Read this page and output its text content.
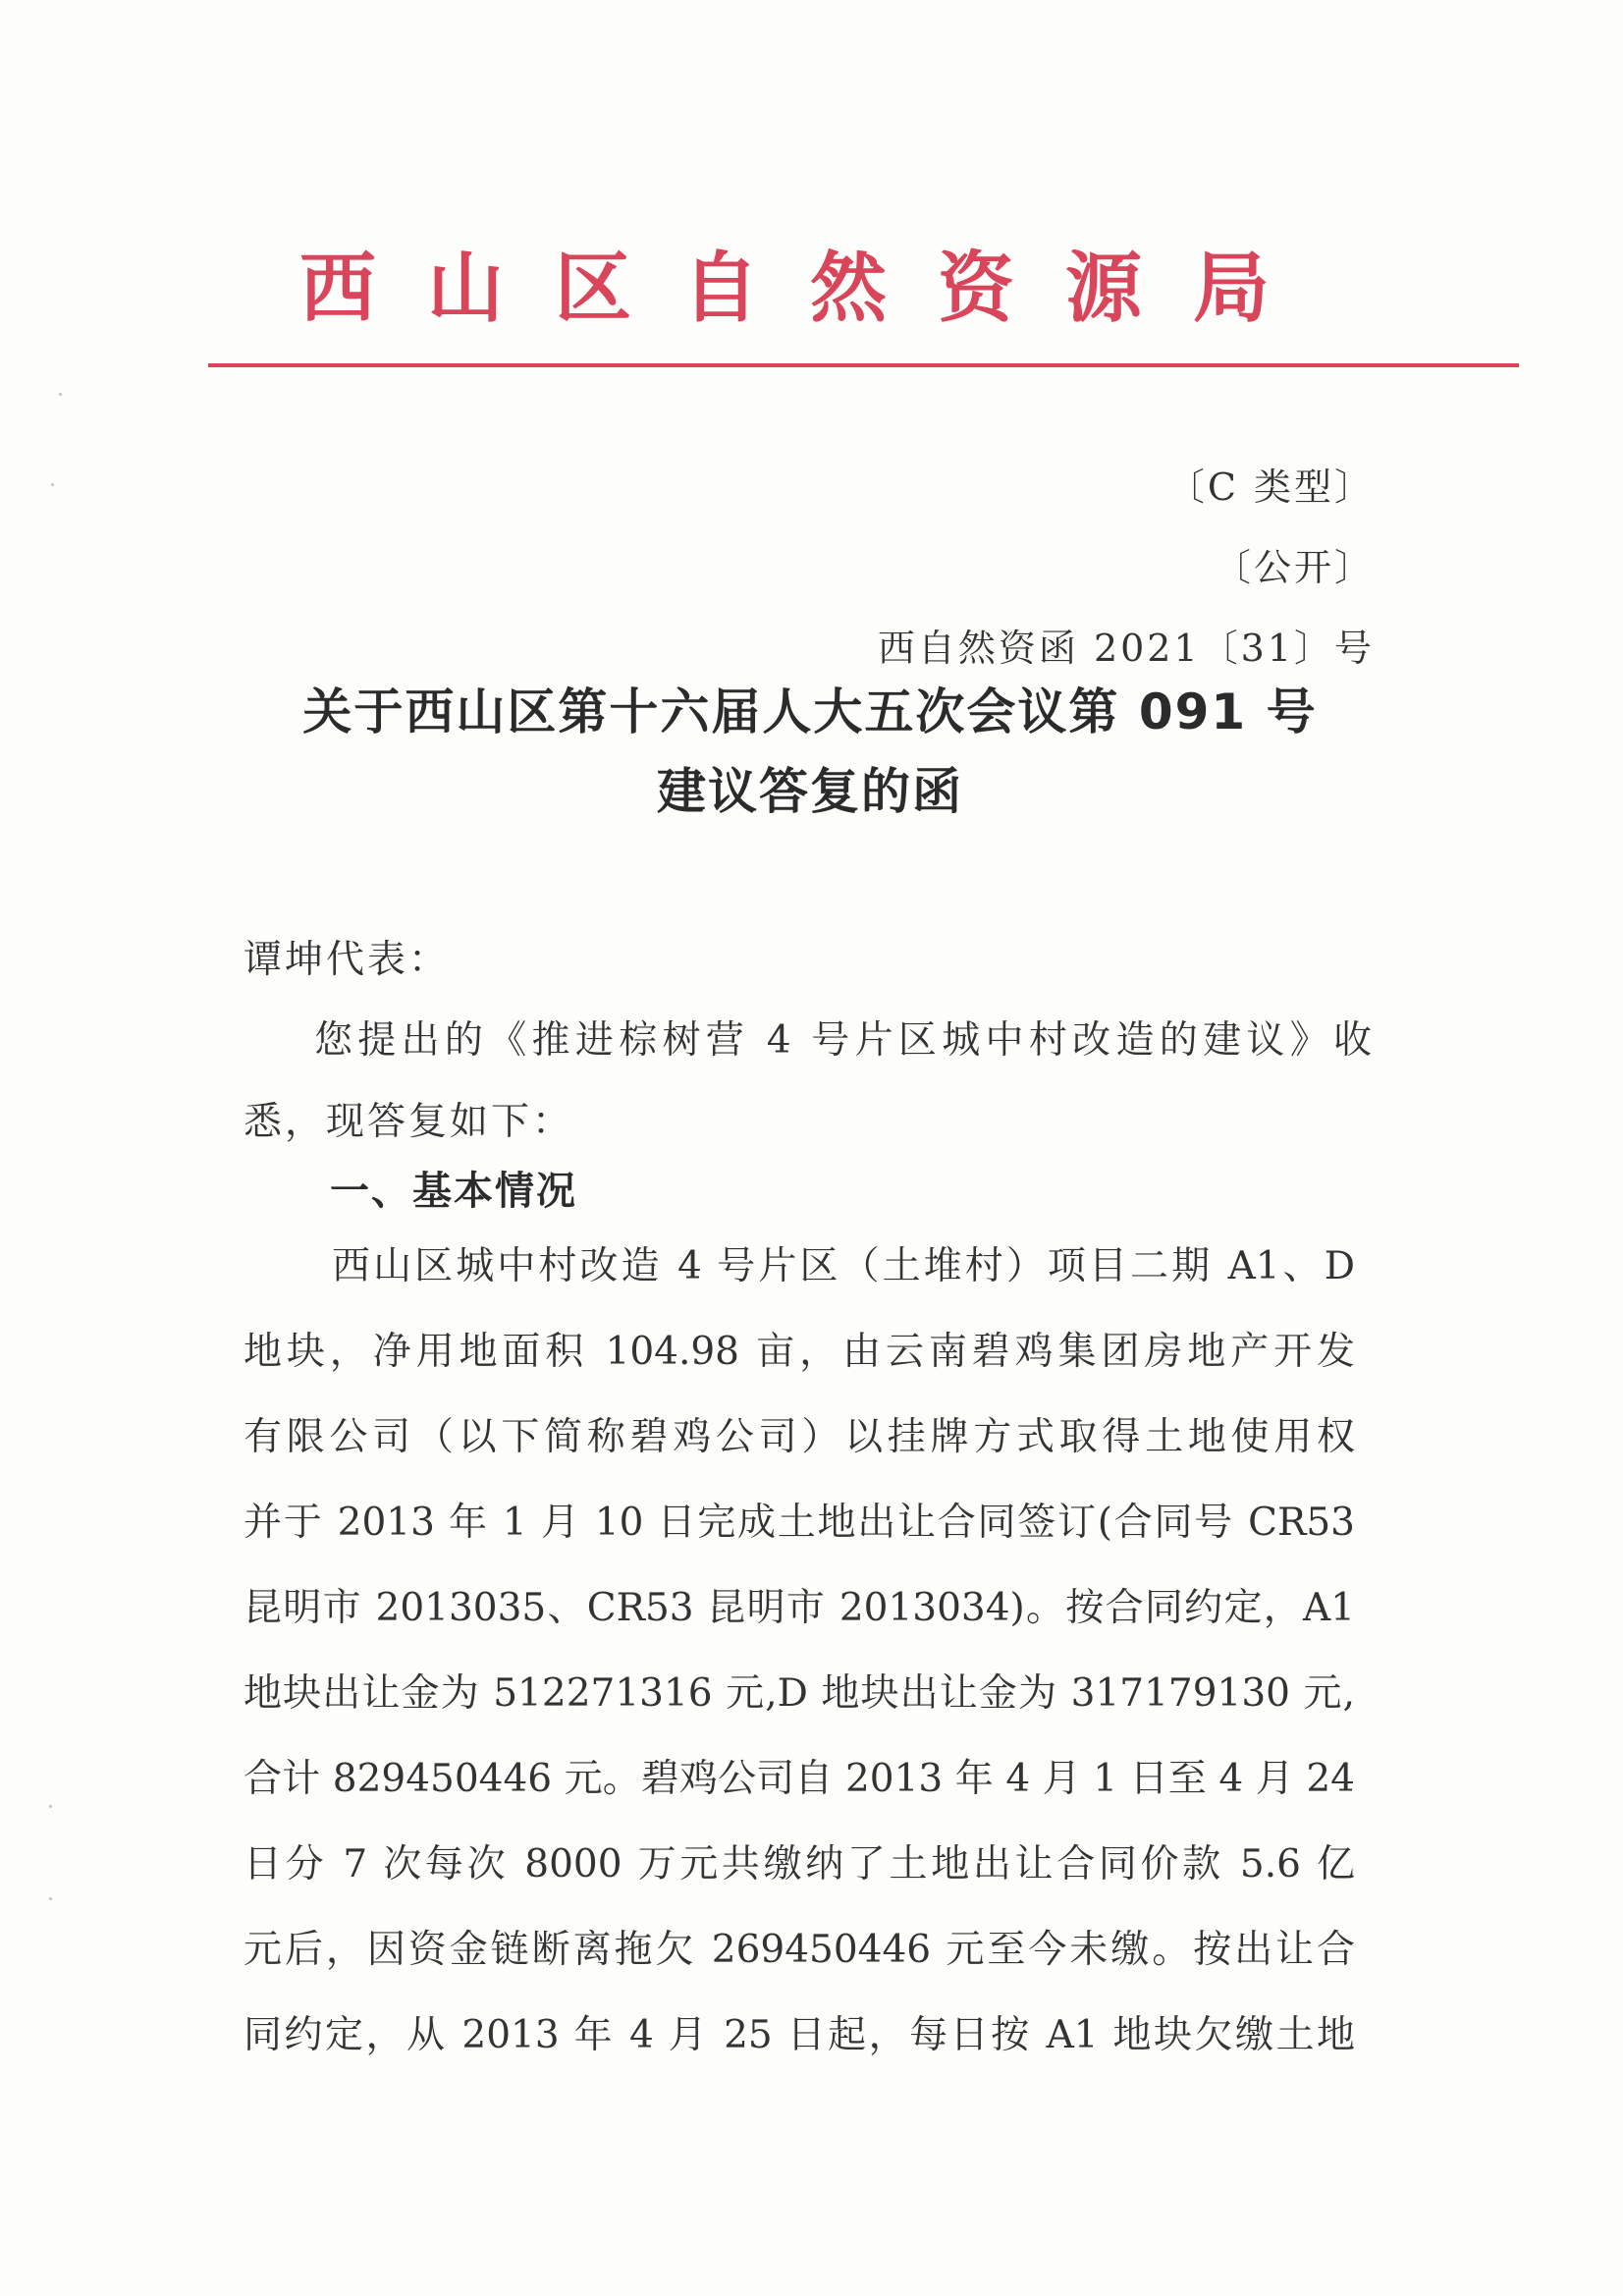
西山区自然资源局
〔C 类型〕
〔公开〕
西自然资函 2021〔31〕号
关于西山区第十六届人大五次会议第 091 号
建议答复的函
谭坤代表：
您提出的《推进棕树营 4 号片区城中村改造的建议》收
悉，现答复如下：
一、基本情况
西山区城中村改造 4 号片区（土堆村）项目二期 A1、D
地块，净用地面积 104.98 亩，由云南碧鸡集团房地产开发
有限公司（以下简称碧鸡公司）以挂牌方式取得土地使用权
并于 2013 年 1 月 10 日完成土地出让合同签订(合同号 CR53
昆明市 2013035、CR53 昆明市 2013034)。按合同约定，A1
地块出让金为 512271316 元,D 地块出让金为 317179130 元,
合计 829450446 元。碧鸡公司自 2013 年 4 月 1 日至 4 月 24
日分 7 次每次 8000 万元共缴纳了土地出让合同价款 5.6 亿
元后，因资金链断离拖欠 269450446 元至今未缴。按出让合
同约定，从 2013 年 4 月 25 日起，每日按 A1 地块欠缴土地
